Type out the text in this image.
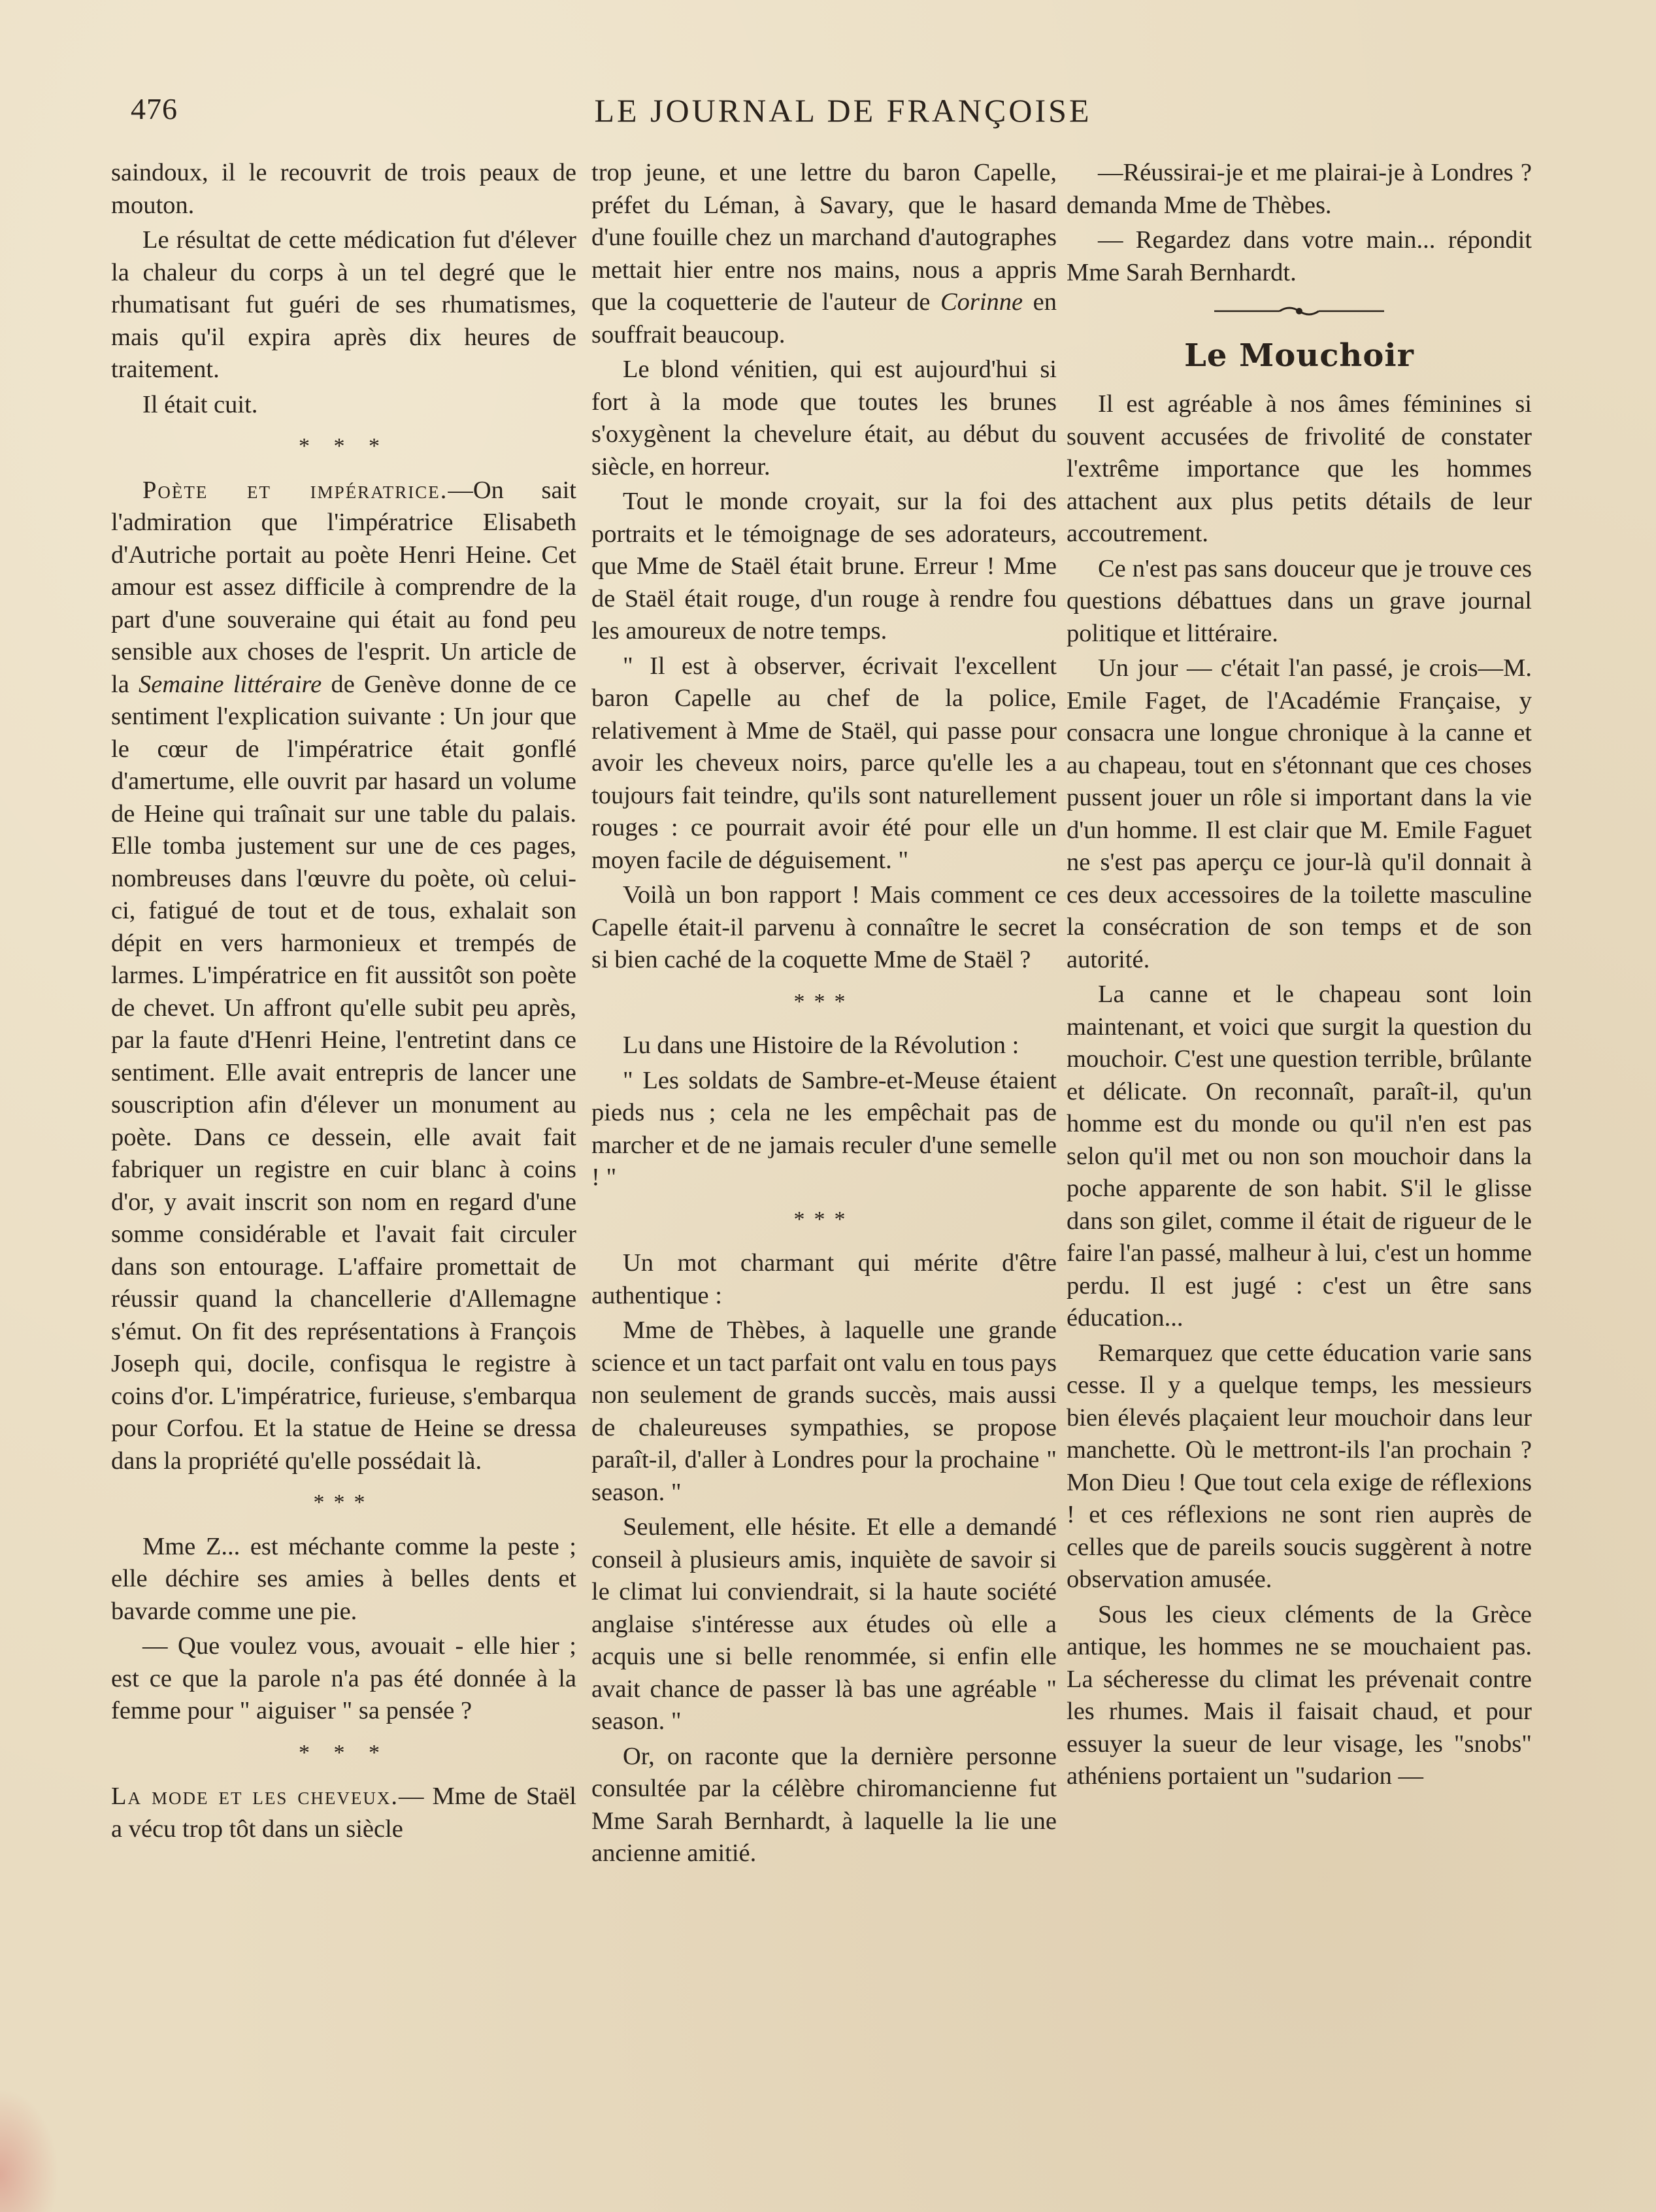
476	LE JOURNAL DE FRANÇOISE

saindoux, il le recouvrit de trois peaux de mouton.

Le résultat de cette médication fut d'élever la chaleur du corps à un tel degré que le rhumatisant fut guéri de ses rhumatismes, mais qu'il expira après dix heures de traitement.

Il était cuit.

* * *

Poète et impératrice.—On sait l'admiration que l'impératrice Elisabeth d'Autriche portait au poète Henri Heine. Cet amour est assez difficile à comprendre de la part d'une souveraine qui était au fond peu sensible aux choses de l'esprit. Un article de la Semaine littéraire de Genève donne de ce sentiment l'explication suivante : Un jour que le cœur de l'impératrice était gonflé d'amertume, elle ouvrit par hasard un volume de Heine qui traînait sur une table du palais. Elle tomba justement sur une de ces pages, nombreuses dans l'œuvre du poète, où celui-ci, fatigué de tout et de tous, exhalait son dépit en vers harmonieux et trempés de larmes. L'impératrice en fit aussitôt son poète de chevet. Un affront qu'elle subit peu après, par la faute d'Henri Heine, l'entretint dans ce sentiment. Elle avait entrepris de lancer une souscription afin d'élever un monument au poète. Dans ce dessein, elle avait fait fabriquer un registre en cuir blanc à coins d'or, y avait inscrit son nom en regard d'une somme considérable et l'avait fait circuler dans son entourage. L'affaire promettait de réussir quand la chancellerie d'Allemagne s'émut. On fit des représentations à François Joseph qui, docile, confisqua le registre à coins d'or. L'impératrice, furieuse, s'embarqua pour Corfou. Et la statue de Heine se dressa dans la propriété qu'elle possédait là.

***

Mme Z... est méchante comme la peste ; elle déchire ses amies à belles dents et bavarde comme une pie.

— Que voulez vous, avouait - elle hier ; est ce que la parole n'a pas été donnée à la femme pour " aiguiser " sa pensée ?

* * *

La mode et les cheveux.— Mme de Staël a vécu trop tôt dans un siècle

trop jeune, et une lettre du baron Capelle, préfet du Léman, à Savary, que le hasard d'une fouille chez un marchand d'autographes mettait hier entre nos mains, nous a appris que la coquetterie de l'auteur de Corinne en souffrait beaucoup.

Le blond vénitien, qui est aujourd'hui si fort à la mode que toutes les brunes s'oxygènent la chevelure était, au début du siècle, en horreur.

Tout le monde croyait, sur la foi des portraits et le témoignage de ses adorateurs, que Mme de Staël était brune. Erreur ! Mme de Staël était rouge, d'un rouge à rendre fou les amoureux de notre temps.

" Il est à observer, écrivait l'excellent baron Capelle au chef de la police, relativement à Mme de Staël, qui passe pour avoir les cheveux noirs, parce qu'elle les a toujours fait teindre, qu'ils sont naturellement rouges : ce pourrait avoir été pour elle un moyen facile de déguisement. "

Voilà un bon rapport ! Mais comment ce Capelle était-il parvenu à connaître le secret si bien caché de la coquette Mme de Staël ?

***

Lu dans une Histoire de la Révolution :

" Les soldats de Sambre-et-Meuse étaient pieds nus ; cela ne les empêchait pas de marcher et de ne jamais reculer d'une semelle ! "

***

Un mot charmant qui mérite d'être authentique :

Mme de Thèbes, à laquelle une grande science et un tact parfait ont valu en tous pays non seulement de grands succès, mais aussi de chaleureuses sympathies, se propose paraît-il, d'aller à Londres pour la prochaine " season. "

Seulement, elle hésite. Et elle a demandé conseil à plusieurs amis, inquiète de savoir si le climat lui conviendrait, si la haute société anglaise s'intéresse aux études où elle a acquis une si belle renommée, si enfin elle avait chance de passer là bas une agréable " season. "

Or, on raconte que la dernière personne consultée par la célèbre chiromancienne fut Mme Sarah Bernhardt, à laquelle la lie une ancienne amitié.

—Réussirai-je et me plairai-je à Londres ? demanda Mme de Thèbes.

— Regardez dans votre main... répondit Mme Sarah Bernhardt.

Le Mouchoir

Il est agréable à nos âmes féminines si souvent accusées de frivolité de constater l'extrême importance que les hommes attachent aux plus petits détails de leur accoutrement.

Ce n'est pas sans douceur que je trouve ces questions débattues dans un grave journal politique et littéraire.

Un jour — c'était l'an passé, je crois—M. Emile Faget, de l'Académie Française, y consacra une longue chronique à la canne et au chapeau, tout en s'étonnant que ces choses pussent jouer un rôle si important dans la vie d'un homme. Il est clair que M. Emile Faguet ne s'est pas aperçu ce jour-là qu'il donnait à ces deux accessoires de la toilette masculine la consécration de son temps et de son autorité.

La canne et le chapeau sont loin maintenant, et voici que surgit la question du mouchoir. C'est une question terrible, brûlante et délicate. On reconnaît, paraît-il, qu'un homme est du monde ou qu'il n'en est pas selon qu'il met ou non son mouchoir dans la poche apparente de son habit. S'il le glisse dans son gilet, comme il était de rigueur de le faire l'an passé, malheur à lui, c'est un homme perdu. Il est jugé : c'est un être sans éducation...

Remarquez que cette éducation varie sans cesse. Il y a quelque temps, les messieurs bien élevés plaçaient leur mouchoir dans leur manchette. Où le mettront-ils l'an prochain ? Mon Dieu ! Que tout cela exige de réflexions ! et ces réflexions ne sont rien auprès de celles que de pareils soucis suggèrent à notre observation amusée.

Sous les cieux cléments de la Grèce antique, les hommes ne se mouchaient pas. La sécheresse du climat les prévenait contre les rhumes. Mais il faisait chaud, et pour essuyer la sueur de leur visage, les "snobs" athéniens portaient un "sudarion —
